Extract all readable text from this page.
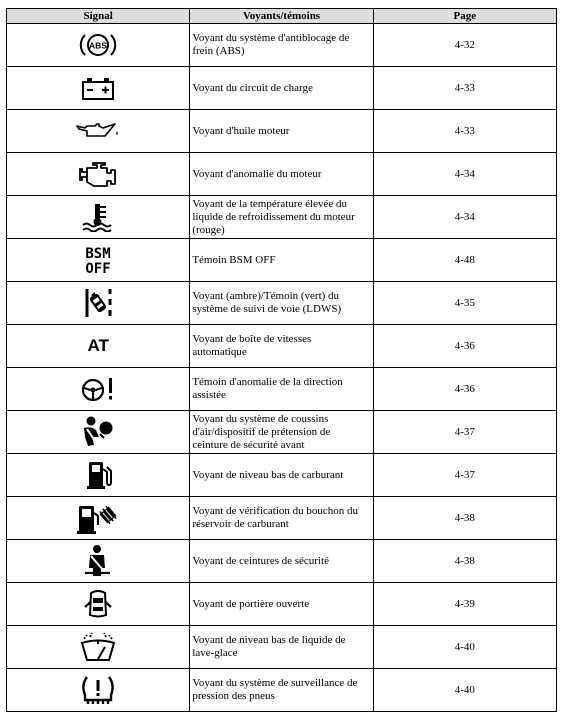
Signal	Voyants/témoins	Page

ABS	Voyant du système d'antiblocage de frein (ABS)	4-32

	Voyant du circuit de charge	4-33

	Voyant d'huile moteur	4-33

	Voyant d'anomalie du moteur	4-34

	Voyant de la température élevée du liquide de refroidissement du moteur (rouge)	4-34

BSM
OFF	Témoin BSM OFF	4-48

	Voyant (ambre)/Témoin (vert) du système de suivi de voie (LDWS)	4-35
AT	Voyant de boîte de vitesses automatique	4-36

	Témoin d'anomalie de la direction assistée	4-36

	Voyant du système de coussins d'air/dispositif de prétension de ceinture de sécurité avant	4-37

	Voyant de niveau bas de carburant	4-37

	Voyant de vérification du bouchon du réservoir de carburant	4-38

	Voyant de ceintures de sécurité	4-38

	Voyant de portière ouverte	4-39

	Voyant de niveau bas de liquide de lave-glace	4-40

	Voyant du système de surveillance de pression des pneus	4-40
